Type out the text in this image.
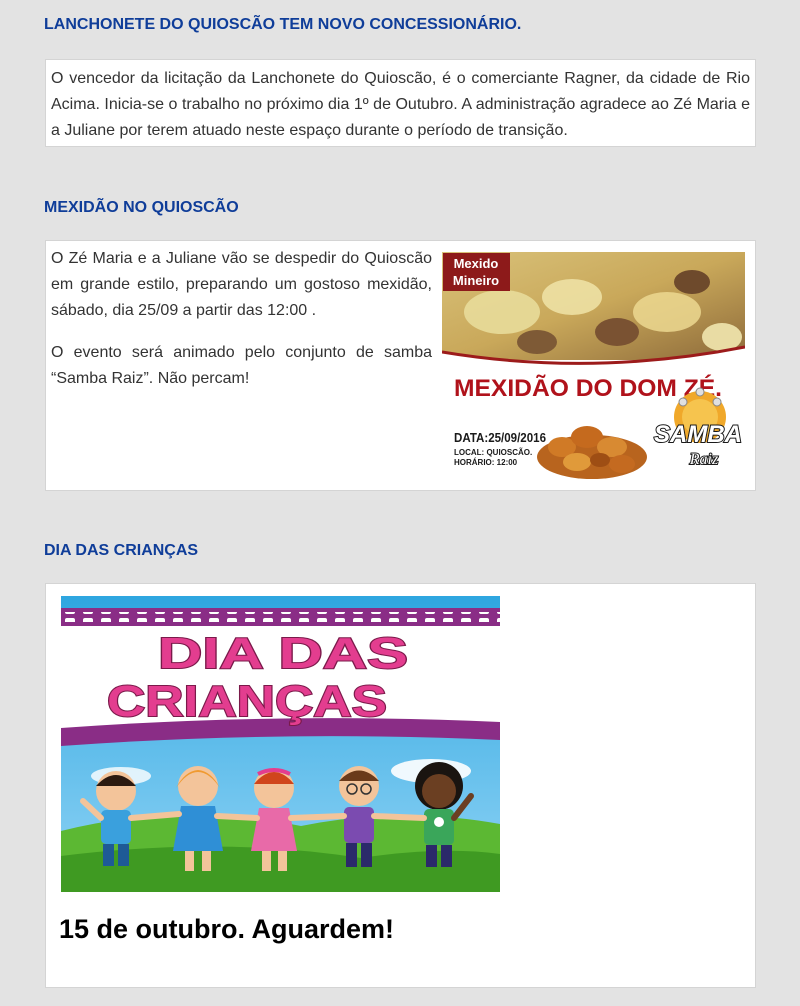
LANCHONETE DO QUIOSCÃO TEM NOVO CONCESSIONÁRIO.

O vencedor da licitação da Lanchonete do Quioscão, é o comerciante Ragner, da cidade de Rio Acima. Inicia-se o trabalho no próximo dia 1º de Outubro. A administração agradece ao Zé Maria e a Juliane por terem atuado neste espaço durante o período de transição.

MEXIDÃO NO QUIOSCÃO

O Zé Maria e a Juliane vão se despedir do Quioscão em grande estilo, preparando um gostoso mexidão, sábado, dia 25/09 a partir das 12:00 .

O evento será animado pelo conjunto de samba “Samba Raiz”. Não percam!

Mexido
Mineiro
MEXIDÃO DO DOM ZÉ.
DATA:25/09/2016
LOCAL: QUIOSCÃO.
HORÁRIO: 12:00
SAMBA
Raiz
DIA DAS CRIANÇAS
DIA DAS
CRIANÇAS

15 de outubro. Aguardem!
